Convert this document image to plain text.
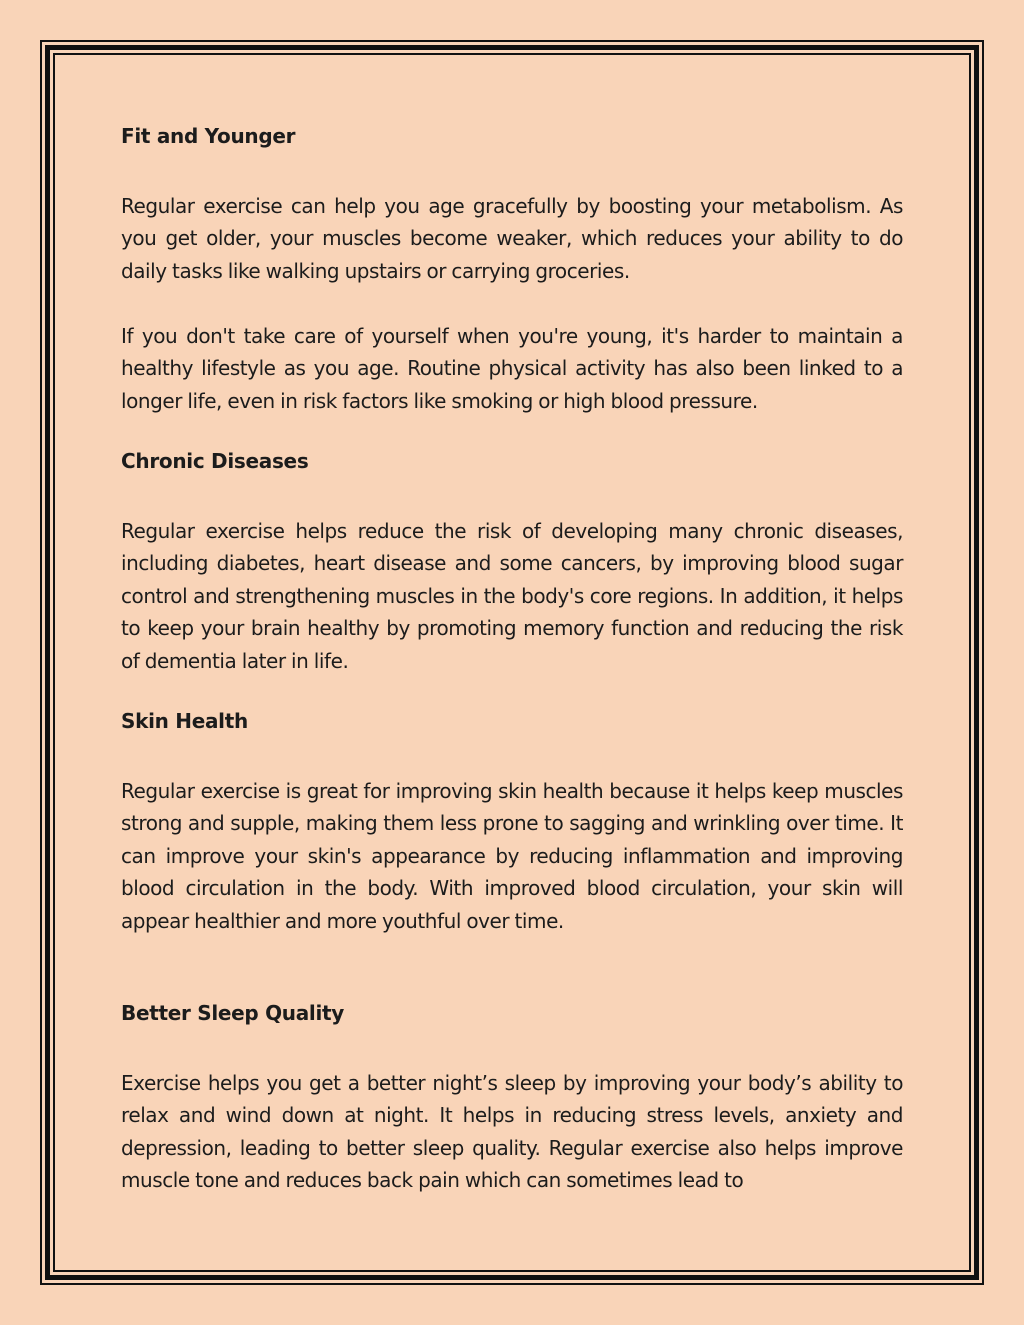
Fit and Younger
Regular exercise can help you age gracefully by boosting your metabolism. As you get older, your muscles become weaker, which reduces your ability to do daily tasks like walking upstairs or carrying groceries.
If you don't take care of yourself when you're young, it's harder to maintain a healthy lifestyle as you age. Routine physical activity has also been linked to a longer life, even in risk factors like smoking or high blood pressure.
Chronic Diseases
Regular exercise helps reduce the risk of developing many chronic diseases, including diabetes, heart disease and some cancers, by improving blood sugar control and strengthening muscles in the body's core regions. In addition, it helps to keep your brain healthy by promoting memory function and reducing the risk of dementia later in life.
Skin Health
Regular exercise is great for improving skin health because it helps keep muscles strong and supple, making them less prone to sagging and wrinkling over time. It can improve your skin's appearance by reducing inflammation and improving blood circulation in the body. With improved blood circulation, your skin will appear healthier and more youthful over time.
Better Sleep Quality
Exercise helps you get a better night’s sleep by improving your body’s ability to relax and wind down at night. It helps in reducing stress levels, anxiety and depression, leading to better sleep quality. Regular exercise also helps improve muscle tone and reduces back pain which can sometimes lead to
